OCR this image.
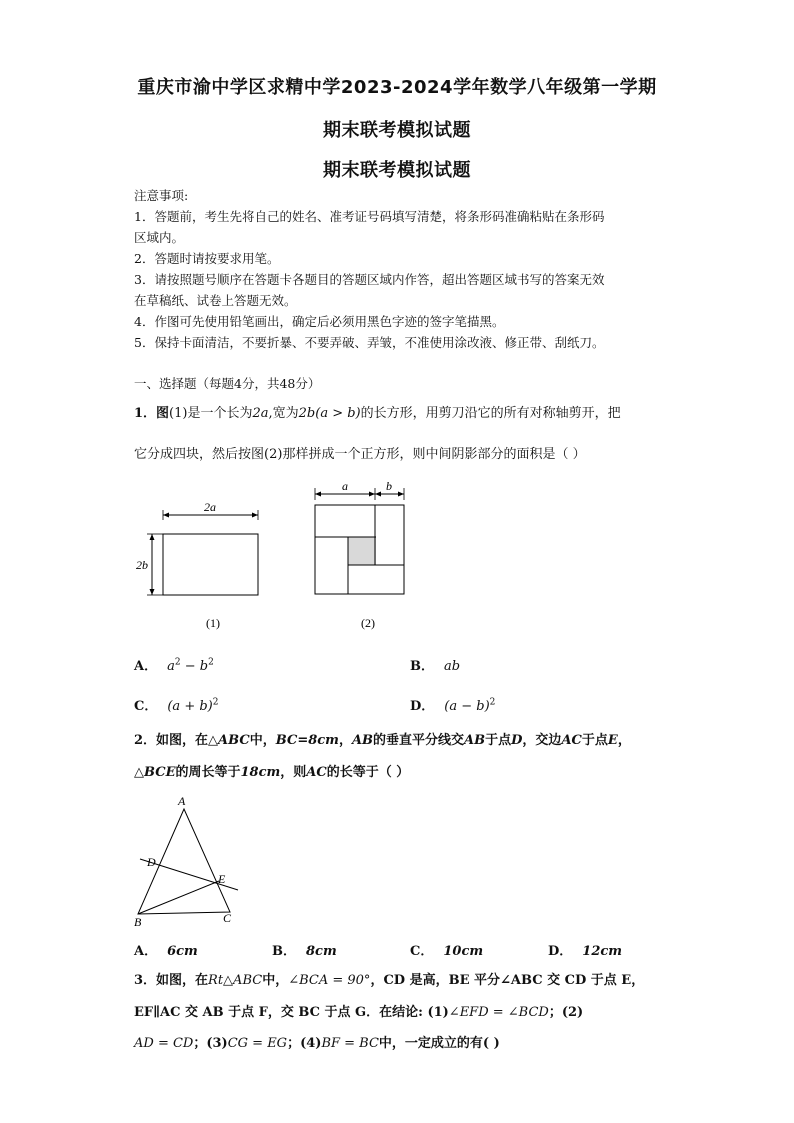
重庆市渝中学区求精中学2023-2024学年数学八年级第一学期
期末联考模拟试题
期末联考模拟试题
注意事项:
1．答题前，考生先将自己的姓名、准考证号码填写清楚，将条形码准确粘贴在条形码
区域内。
2．答题时请按要求用笔。
3．请按照题号顺序在答题卡各题目的答题区域内作答，超出答题区域书写的答案无效
在草稿纸、试卷上答题无效。
4．作图可先使用铅笔画出，确定后必须用黑色字迹的签字笔描黑。
5．保持卡面清洁，不要折暴、不要弄破、弄皱，不准使用涂改液、修正带、刮纸刀。
一、选择题（每题4分，共48分）
1．图(1)是一个长为2a,宽为2b(a > b)的长方形，用剪刀沿它的所有对称轴剪开，把
它分成四块，然后按图(2)那样拼成一个正方形，则中间阴影部分的面积是（ ）
2a
2b
(1)
a	b
(2)
A． $a^2 - b^2$	B． ab
C． $(a + b)^2$	D． $(a - b)^2$
2．如图，在△ABC中，BC=8cm，AB的垂直平分线交AB于点D，交边AC于点E，
△BCE的周长等于18cm，则AC的长等于（ ）
A
D
E
B	C
A． 6cm	B． 8cm	C． 10cm	D． 12cm
3．如图，在Rt△ABC中，∠BCA = 90°，CD 是高，BE 平分∠ABC 交 CD 于点 E，
EF∥AC 交 AB 于点 F，交 BC 于点 G．在结论: (1)∠EFD = ∠BCD；(2)
AD = CD；(3)CG = EG；(4)BF = BC中，一定成立的有( )
